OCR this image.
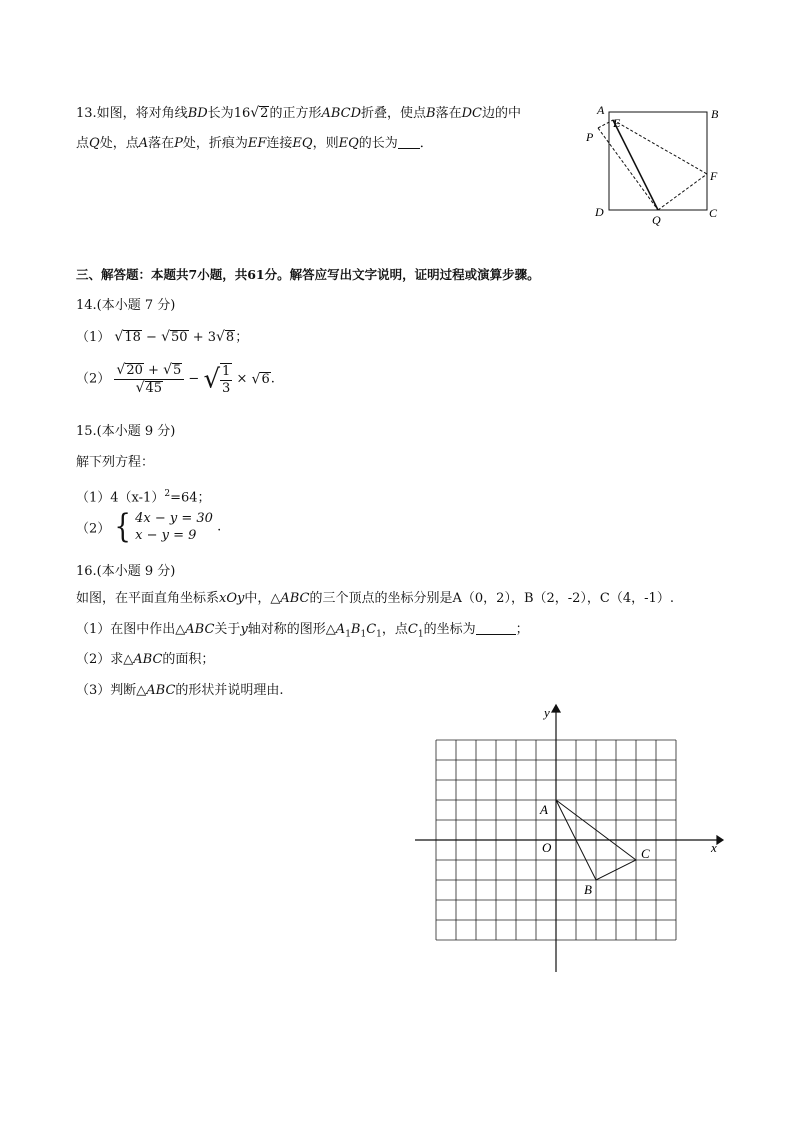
13.如图，将对角线BD长为16√2的正方形ABCD折叠，使点B落在DC边的中
点Q处，点A落在P处，折痕为EF连接EQ，则EQ的长为 ．
A	B
C
D
E
F
P
Q
三、解答题：本题共7小题，共61分。解答应写出文字说明，证明过程或演算步骤。
14.(本小题 7 分)
（1） √18 − √50 + 3√8；
$(2) \frac{√20 + √5}{√45}$ − √ $\frac{1}{3} \times √6$.
15.(本小题 9 分)
解下列方程：
$(1)4(x-1)^2=64$；
（2） { 4x − y = 30
x − y = 9
.
16.(本小题 9 分)
如图，在平面直角坐标系xOy中，△ABC的三个顶点的坐标分别是A（0，2），B（2，-2），C（4，-1）.
（1）在图中作出△ABC关于y轴对称的图形$\triangle A_1B_1C_1$，点$C_1$的坐标为	；
（2）求△ABC的面积；
（3）判断△ABC的形状并说明理由.
A
B
C
O	x
y
